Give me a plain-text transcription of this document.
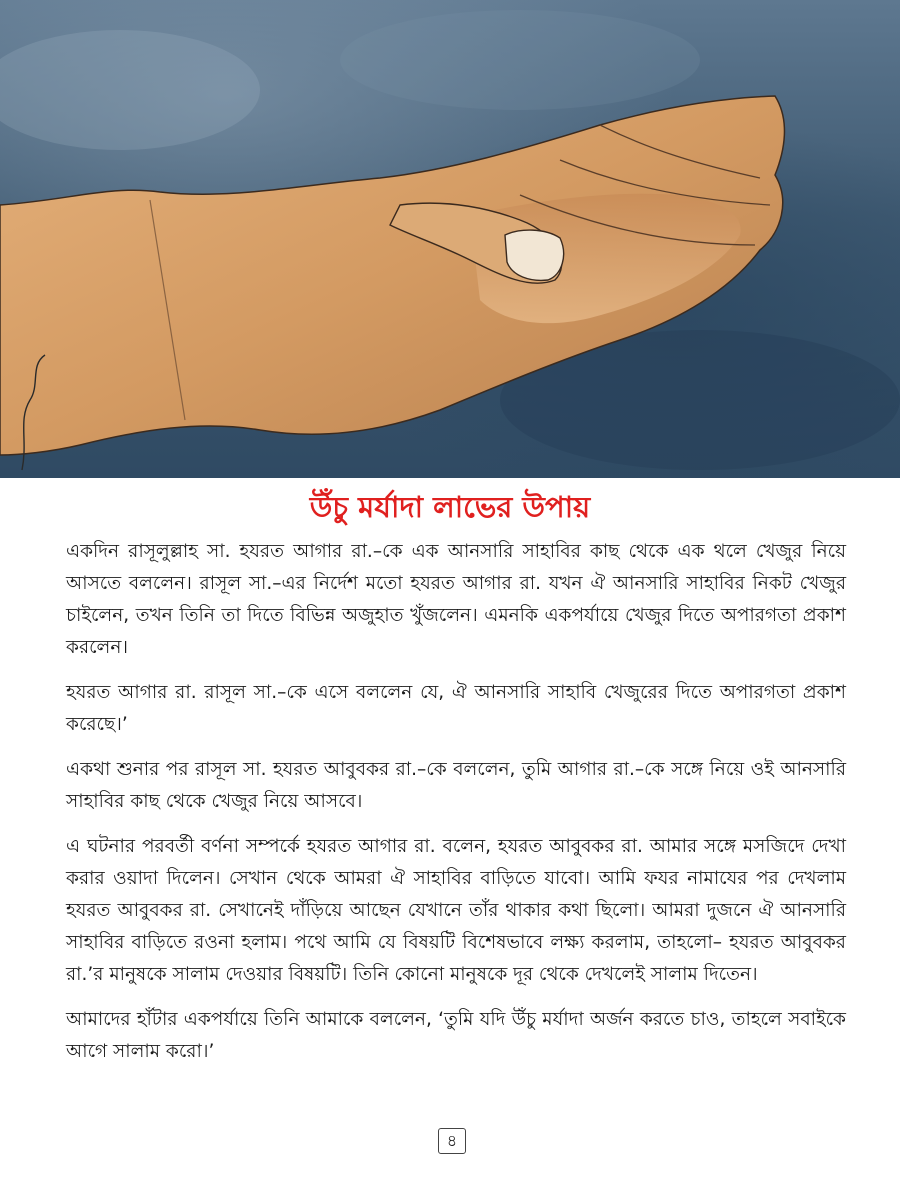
উঁচু মর্যাদা লাভের উপায়

একদিন রাসূলুল্লাহ সা. হযরত আগার রা.–কে এক আনসারি সাহাবির কাছ থেকে এক থলে খেজুর নিয়ে আসতে বললেন। রাসূল সা.–এর নির্দেশ মতো হযরত আগার রা. যখন ঐ আনসারি সাহাবির নিকট খেজুর চাইলেন, তখন তিনি তা দিতে বিভিন্ন অজুহাত খুঁজলেন। এমনকি একপর্যায়ে খেজুর দিতে অপারগতা প্রকাশ করলেন।

হযরত আগার রা. রাসূল সা.–কে এসে বললেন যে, ঐ আনসারি সাহাবি খেজুরের দিতে অপারগতা প্রকাশ করেছে।’

একথা শুনার পর রাসূল সা. হযরত আবুবকর রা.–কে বললেন, তুমি আগার রা.–কে সঙ্গে নিয়ে ওই আনসারি সাহাবির কাছ থেকে খেজুর নিয়ে আসবে।

এ ঘটনার পরবর্তী বর্ণনা সম্পর্কে হযরত আগার রা. বলেন, হযরত আবুবকর রা. আমার সঙ্গে মসজিদে দেখা করার ওয়াদা দিলেন। সেখান থেকে আমরা ঐ সাহাবির বাড়িতে যাবো। আমি ফযর নামাযের পর দেখলাম হযরত আবুবকর রা. সেখানেই দাঁড়িয়ে আছেন যেখানে তাঁর থাকার কথা ছিলো। আমরা দুজনে ঐ আনসারি সাহাবির বাড়িতে রওনা হলাম। পথে আমি যে বিষয়টি বিশেষভাবে লক্ষ্য করলাম, তাহলো– হযরত আবুবকর রা.’র মানুষকে সালাম দেওয়ার বিষয়টি। তিনি কোনো মানুষকে দূর থেকে দেখলেই সালাম দিতেন।

আমাদের হাঁটার একপর্যায়ে তিনি আমাকে বললেন, ‘তুমি যদি উঁচু মর্যাদা অর্জন করতে চাও, তাহলে সবাইকে আগে সালাম করো।’

৪
